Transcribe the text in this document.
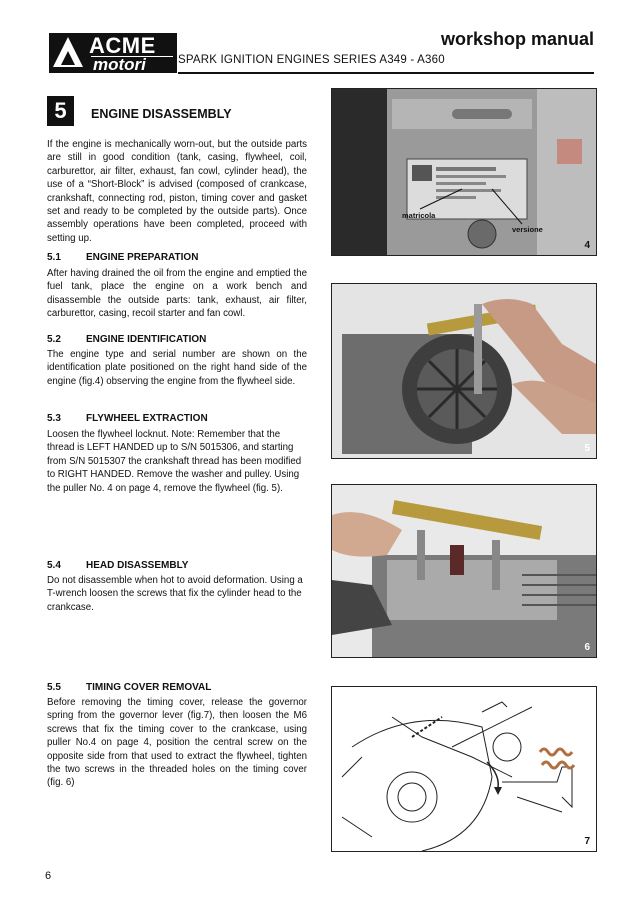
ACME
motori
workshop manual
SPARK IGNITION ENGINES SERIES A349 - A360
5	ENGINE DISASSEMBLY
If the engine is mechanically worn-out, but the outside parts are still in good condition (tank, casing, flywheel, coil, carburettor, air filter, exhaust, fan cowl, cylinder head), the use of a “Short-Block” is advised (composed of crankcase, crankshaft, connecting rod, piston, timing cover and gasket set and ready to be completed by the outside parts). Once assembly operations have been completed, proceed with setting up.
5.1	ENGINE PREPARATION
After having drained the oil from the engine and emptied the fuel tank, place the engine on a work bench and disassemble the outside parts: tank, exhaust, air filter, carburettor, casing, recoil starter and fan cowl.
5.2	ENGINE IDENTIFICATION
The engine type and serial number are shown on the identification plate positioned on the right hand side of the engine (fig.4) observing the engine from the flywheel side.
5.3	FLYWHEEL EXTRACTION
Loosen the flywheel locknut. Note: Remember that the thread is LEFT HANDED up to S/N 5015306, and starting from S/N 5015307 the crankshaft thread has been modified to RIGHT HANDED. Remove the washer and pulley. Using the puller No. 4 on page 4, remove the flywheel (fig. 5).
5.4	HEAD DISASSEMBLY
Do not disassemble when hot to avoid deformation. Using a T-wrench loosen the screws that fix the cylinder head to the crankcase.
5.5	TIMING COVER REMOVAL
Before removing the timing cover, release the governor spring from the governor lever (fig.7), then loosen the M6 screws that fix the timing cover to the crankcase, using puller No.4 on page 4, position the central screw on the opposite side from that used to extract the flywheel, tighten the two screws in the threaded holes on the timing cover (fig. 6)
6
matricola
versione
4
5
6
7
